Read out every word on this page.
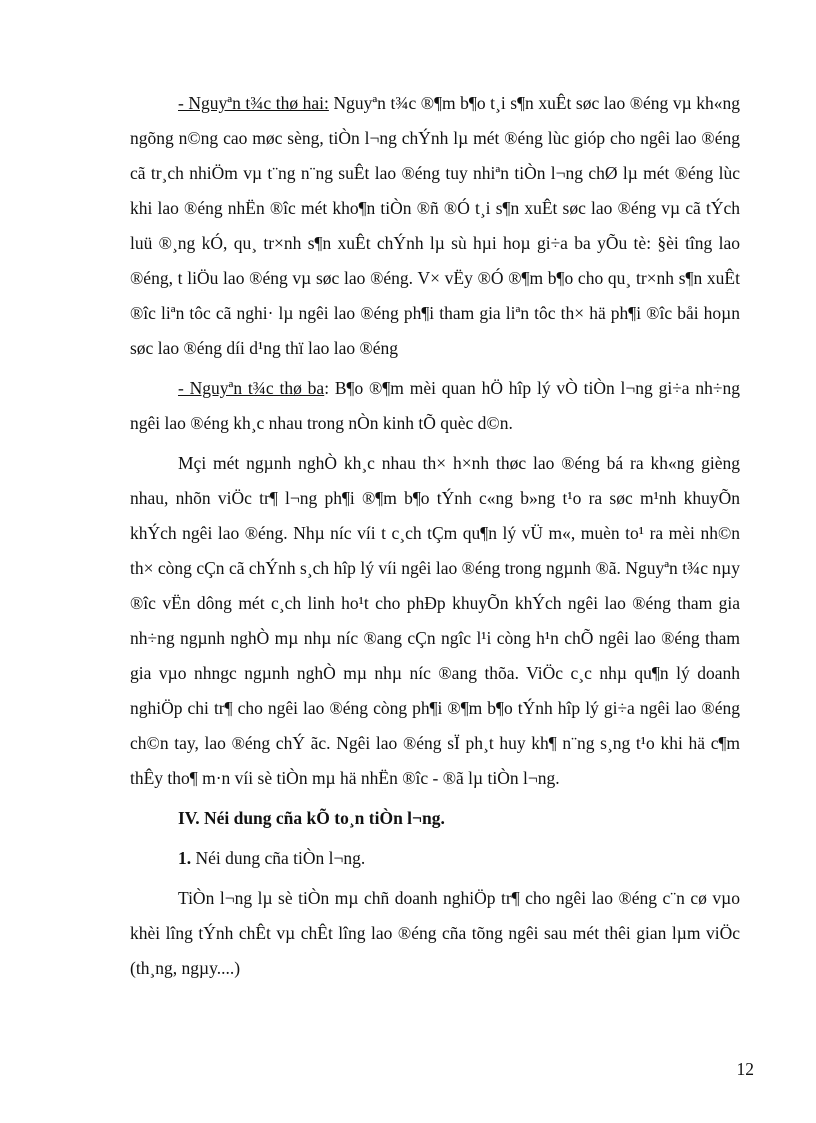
- Nguyªn t¾c thø hai: Nguyªn t¾c ®¶m b¶o t¸i s¶n xuÊt søc lao ®éng vµ kh«ng ngõng n©ng cao møc sèng, tiÒn l¬ng chÝnh lµ mét ®éng lùc gióp cho ngêi lao ®éng cã tr¸ch nhiÖm vµ t¨ng n¨ng suÊt lao ®éng tuy nhiªn tiÒn l¬ng chØ lµ mét ®éng lùc khi lao ®éng nhËn ®îc mét kho¶n tiÒn ®ñ ®Ó t¸i s¶n xuÊt søc lao ®éng vµ cã tÝch luü ®¸ng kÓ, qu¸ tr×nh s¶n xuÊt chÝnh lµ sù hµi hoµ gi÷a ba yÕu tè: §èi tîng lao ®éng, t liÖu lao ®éng vµ søc lao ®éng. V× vËy ®Ó ®¶m b¶o cho qu¸ tr×nh s¶n xuÊt ®îc liªn tôc cã nghi· lµ ngêi lao ®éng ph¶i tham gia liªn tôc th× hä ph¶i ®îc båi hoµn søc lao ®éng díi d¹ng thï lao lao ®éng

- Nguyªn t¾c thø ba: B¶o ®¶m mèi quan hÖ hîp lý vÒ tiÒn l¬ng gi÷a nh÷ng ngêi lao ®éng kh¸c nhau trong nÒn kinh tÕ quèc d©n.

Mçi mét ngµnh nghÒ kh¸c nhau th× h×nh thøc lao ®éng bá ra kh«ng gièng nhau, nhõn viÖc tr¶ l¬ng ph¶i ®¶m b¶o tÝnh c«ng b»ng t¹o ra søc m¹nh khuyÕn khÝch ngêi lao ®éng. Nhµ níc víi t c¸ch tÇm qu¶n lý vÜ m«, muèn to¹ ra mèi nh©n th× còng cÇn cã chÝnh s¸ch hîp lý víi ngêi lao ®éng trong ngµnh ®ã. Nguyªn t¾c nµy ®îc vËn dông mét c¸ch linh ho¹t cho phÐp khuyÕn khÝch ngêi lao ®éng tham gia nh÷ng ngµnh nghÒ mµ nhµ níc ®ang cÇn ngîc l¹i còng h¹n chÕ ngêi lao ®éng tham gia vµo nhngc ngµnh nghÒ mµ nhµ níc ®ang thõa. ViÖc c¸c nhµ qu¶n lý doanh nghiÖp chi tr¶ cho ngêi lao ®éng còng ph¶i ®¶m b¶o tÝnh hîp lý gi÷a ngêi lao ®éng ch©n tay, lao ®éng chÝ ãc. Ngêi lao ®éng sÏ ph¸t huy kh¶ n¨ng s¸ng t¹o khi hä c¶m thÊy tho¶ m·n víi sè tiÒn mµ hä nhËn ®îc - ®ã lµ tiÒn l¬ng.

IV. Néi dung cña kÕ to¸n tiÒn l¬ng.

1. Néi dung cña tiÒn l¬ng.

TiÒn l¬ng lµ sè tiÒn mµ chñ doanh nghiÖp tr¶ cho ngêi lao ®éng c¨n cø vµo khèi lîng tÝnh chÊt vµ chÊt lîng lao ®éng cña tõng ngêi sau mét thêi gian lµm viÖc (th¸ng, ngµy....)

12
